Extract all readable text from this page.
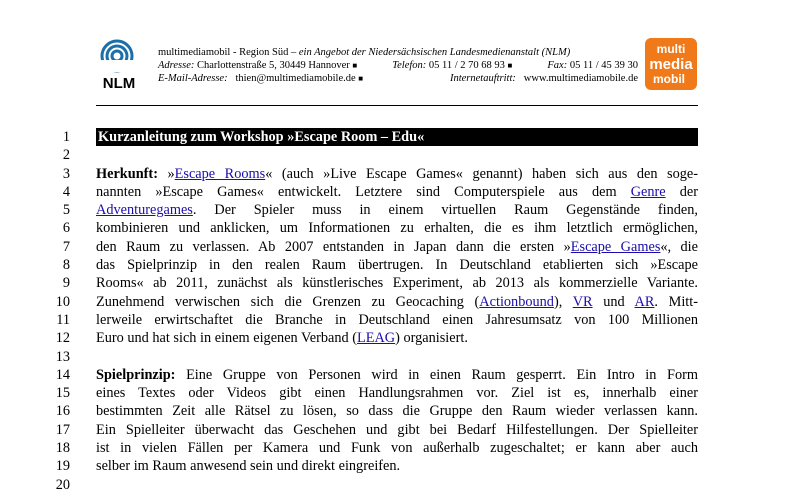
NLM
multimediamobil - Region Süd –
ein Angebot der Niedersächsischen Landesmedienanstalt (NLM)
Adresse: Charlottenstraße 5, 30449 Hannover ■	Telefon: 05 11 / 2 70 68 93 ■	Fax: 05 11 / 45 39 30
E-Mail-Adresse: thien@multimediamobile.de ■	Internetauftritt: www.multimediamobile.de
multi
media
mobil
1
2
3
4
5
6
7
8
9
10
11
12
13
14
15
16
17
18
19
20
Kurzanleitung zum Workshop »Escape Room – Edu«
Herkunft: »Escape Rooms« (auch »Live Escape Games« genannt) haben sich aus den soge-
nannten »Escape Games« entwickelt. Letztere sind Computerspiele aus dem Genre der
Adventuregames. Der Spieler muss in einem virtuellen Raum Gegenstände finden,
kombinieren und anklicken, um Informationen zu erhalten, die es ihm letztlich ermöglichen,
den Raum zu verlassen. Ab 2007 entstanden in Japan dann die ersten »Escape Games«, die
das Spielprinzip in den realen Raum übertrugen. In Deutschland etablierten sich »Escape
Rooms« ab 2011, zunächst als künstlerisches Experiment, ab 2013 als kommerzielle Variante.
Zunehmend verwischen sich die Grenzen zu Geocaching (Actionbound), VR und AR. Mitt-
lerweile erwirtschaftet die Branche in Deutschland einen Jahresumsatz von 100 Millionen
Euro und hat sich in einem eigenen Verband (LEAG) organisiert.
Spielprinzip: Eine Gruppe von Personen wird in einen Raum gesperrt. Ein Intro in Form
eines Textes oder Videos gibt einen Handlungsrahmen vor. Ziel ist es, innerhalb einer
bestimmten Zeit alle Rätsel zu lösen, so dass die Gruppe den Raum wieder verlassen kann.
Ein Spielleiter überwacht das Geschehen und gibt bei Bedarf Hilfestellungen. Der Spielleiter
ist in vielen Fällen per Kamera und Funk von außerhalb zugeschaltet; er kann aber auch
selber im Raum anwesend sein und direkt eingreifen.
